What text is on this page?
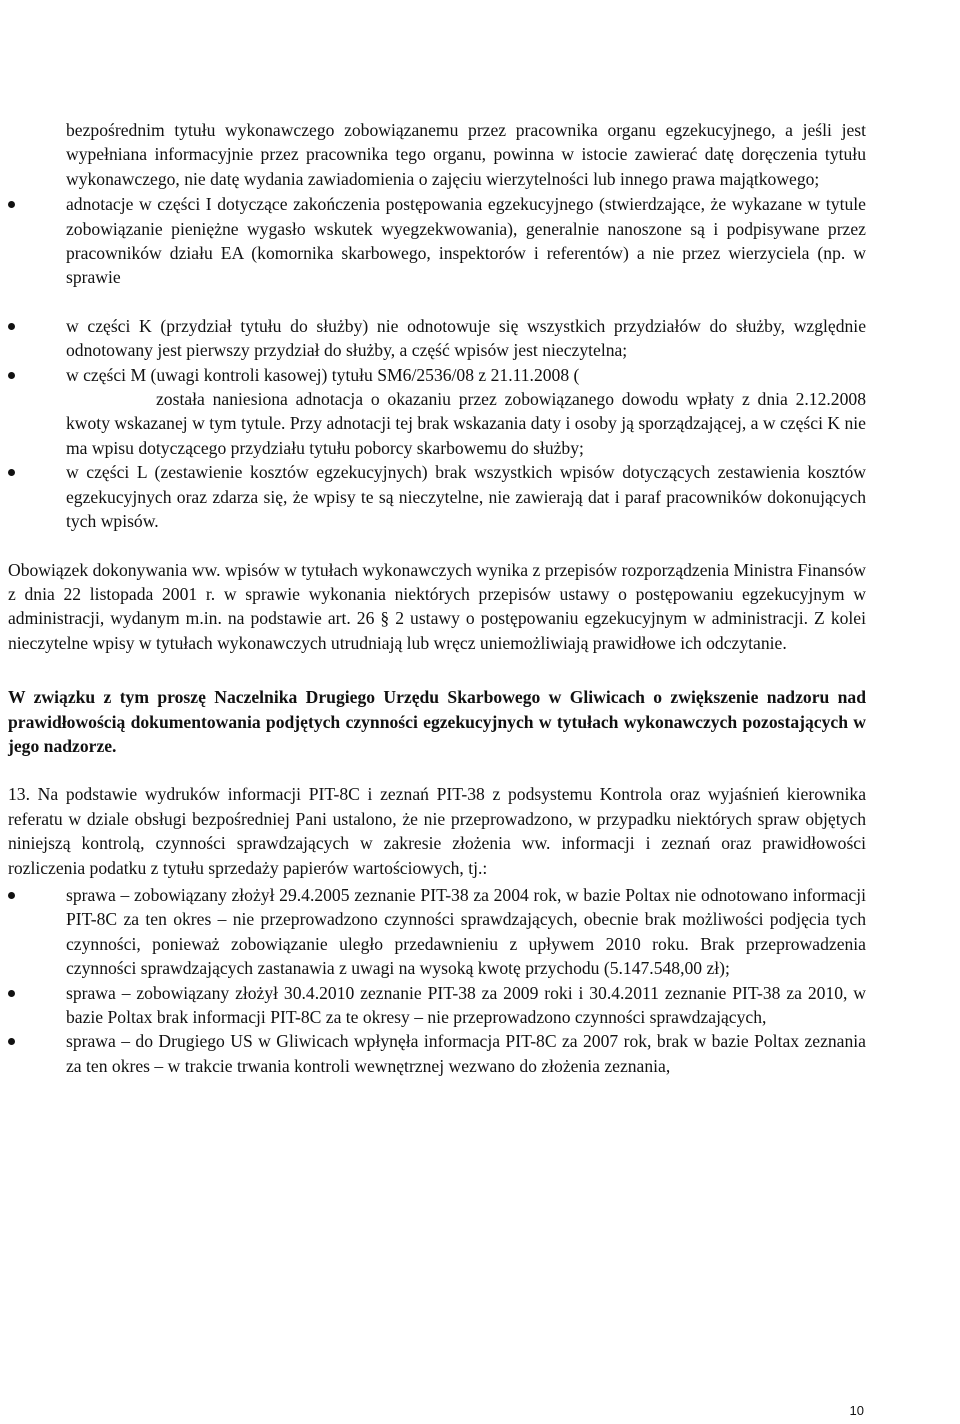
bezpośrednim tytułu wykonawczego zobowiązanemu przez pracownika organu egzekucyjnego, a jeśli jest wypełniana informacyjnie przez pracownika tego organu, powinna w istocie zawierać datę doręczenia tytułu wykonawczego, nie datę wydania zawiadomienia o zajęciu wierzytelności lub innego prawa majątkowego;

adnotacje w części I dotyczące zakończenia postępowania egzekucyjnego (stwierdzające, że wykazane w tytule zobowiązanie pieniężne wygasło wskutek wyegzekwowania), generalnie nanoszone są i podpisywane przez pracowników działu EA (komornika skarbowego, inspektorów i referentów) a nie przez wierzyciela (np. w sprawie
w części K (przydział tytułu do służby) nie odnotowuje się wszystkich przydziałów do służby, względnie odnotowany jest pierwszy przydział do służby, a część wpisów jest nieczytelna;
w części M (uwagi kontroli kasowej) tytułu SM6/2536/08 z 21.11.2008 (
została naniesiona adnotacja o okazaniu przez zobowiązanego dowodu wpłaty z dnia 2.12.2008 kwoty wskazanej w tym tytule. Przy adnotacji tej brak wskazania daty i osoby ją sporządzającej, a w części K nie ma wpisu dotyczącego przydziału tytułu poborcy skarbowemu do służby;
w części L (zestawienie kosztów egzekucyjnych) brak wszystkich wpisów dotyczących zestawienia kosztów egzekucyjnych oraz zdarza się, że wpisy te są nieczytelne, nie zawierają dat i paraf pracowników dokonujących tych wpisów.

Obowiązek dokonywania ww. wpisów w tytułach wykonawczych wynika z przepisów rozporządzenia Ministra Finansów z dnia 22 listopada 2001 r. w sprawie wykonania niektórych przepisów ustawy o postępowaniu egzekucyjnym w administracji, wydanym m.in. na podstawie art. 26 § 2 ustawy o postępowaniu egzekucyjnym w administracji. Z kolei nieczytelne wpisy w tytułach wykonawczych utrudniają lub wręcz uniemożliwiają prawidłowe ich odczytanie.

W związku z tym proszę Naczelnika Drugiego Urzędu Skarbowego w Gliwicach o zwiększenie nadzoru nad prawidłowością dokumentowania podjętych czynności egzekucyjnych w tytułach wykonawczych pozostających w jego nadzorze.

13. Na podstawie wydruków informacji PIT-8C i zeznań PIT-38 z podsystemu Kontrola oraz wyjaśnień kierownika referatu w dziale obsługi bezpośredniej Pani ustalono, że nie przeprowadzono, w przypadku niektórych spraw objętych niniejszą kontrolą, czynności sprawdzających w zakresie złożenia ww. informacji i zeznań oraz prawidłowości rozliczenia podatku z tytułu sprzedaży papierów wartościowych, tj.:

sprawa – zobowiązany złożył 29.4.2005 zeznanie PIT-38 za 2004 rok, w bazie Poltax nie odnotowano informacji PIT-8C za ten okres – nie przeprowadzono czynności sprawdzających, obecnie brak możliwości podjęcia tych czynności, ponieważ zobowiązanie uległo przedawnieniu z upływem 2010 roku. Brak przeprowadzenia czynności sprawdzających zastanawia z uwagi na wysoką kwotę przychodu (5.147.548,00 zł);
sprawa – zobowiązany złożył 30.4.2010 zeznanie PIT-38 za 2009 roki i 30.4.2011 zeznanie PIT-38 za 2010, w bazie Poltax brak informacji PIT-8C za te okresy – nie przeprowadzono czynności sprawdzających,
sprawa – do Drugiego US w Gliwicach wpłynęła informacja PIT-8C za 2007 rok, brak w bazie Poltax zeznania za ten okres – w trakcie trwania kontroli wewnętrznej wezwano do złożenia zeznania,
10
